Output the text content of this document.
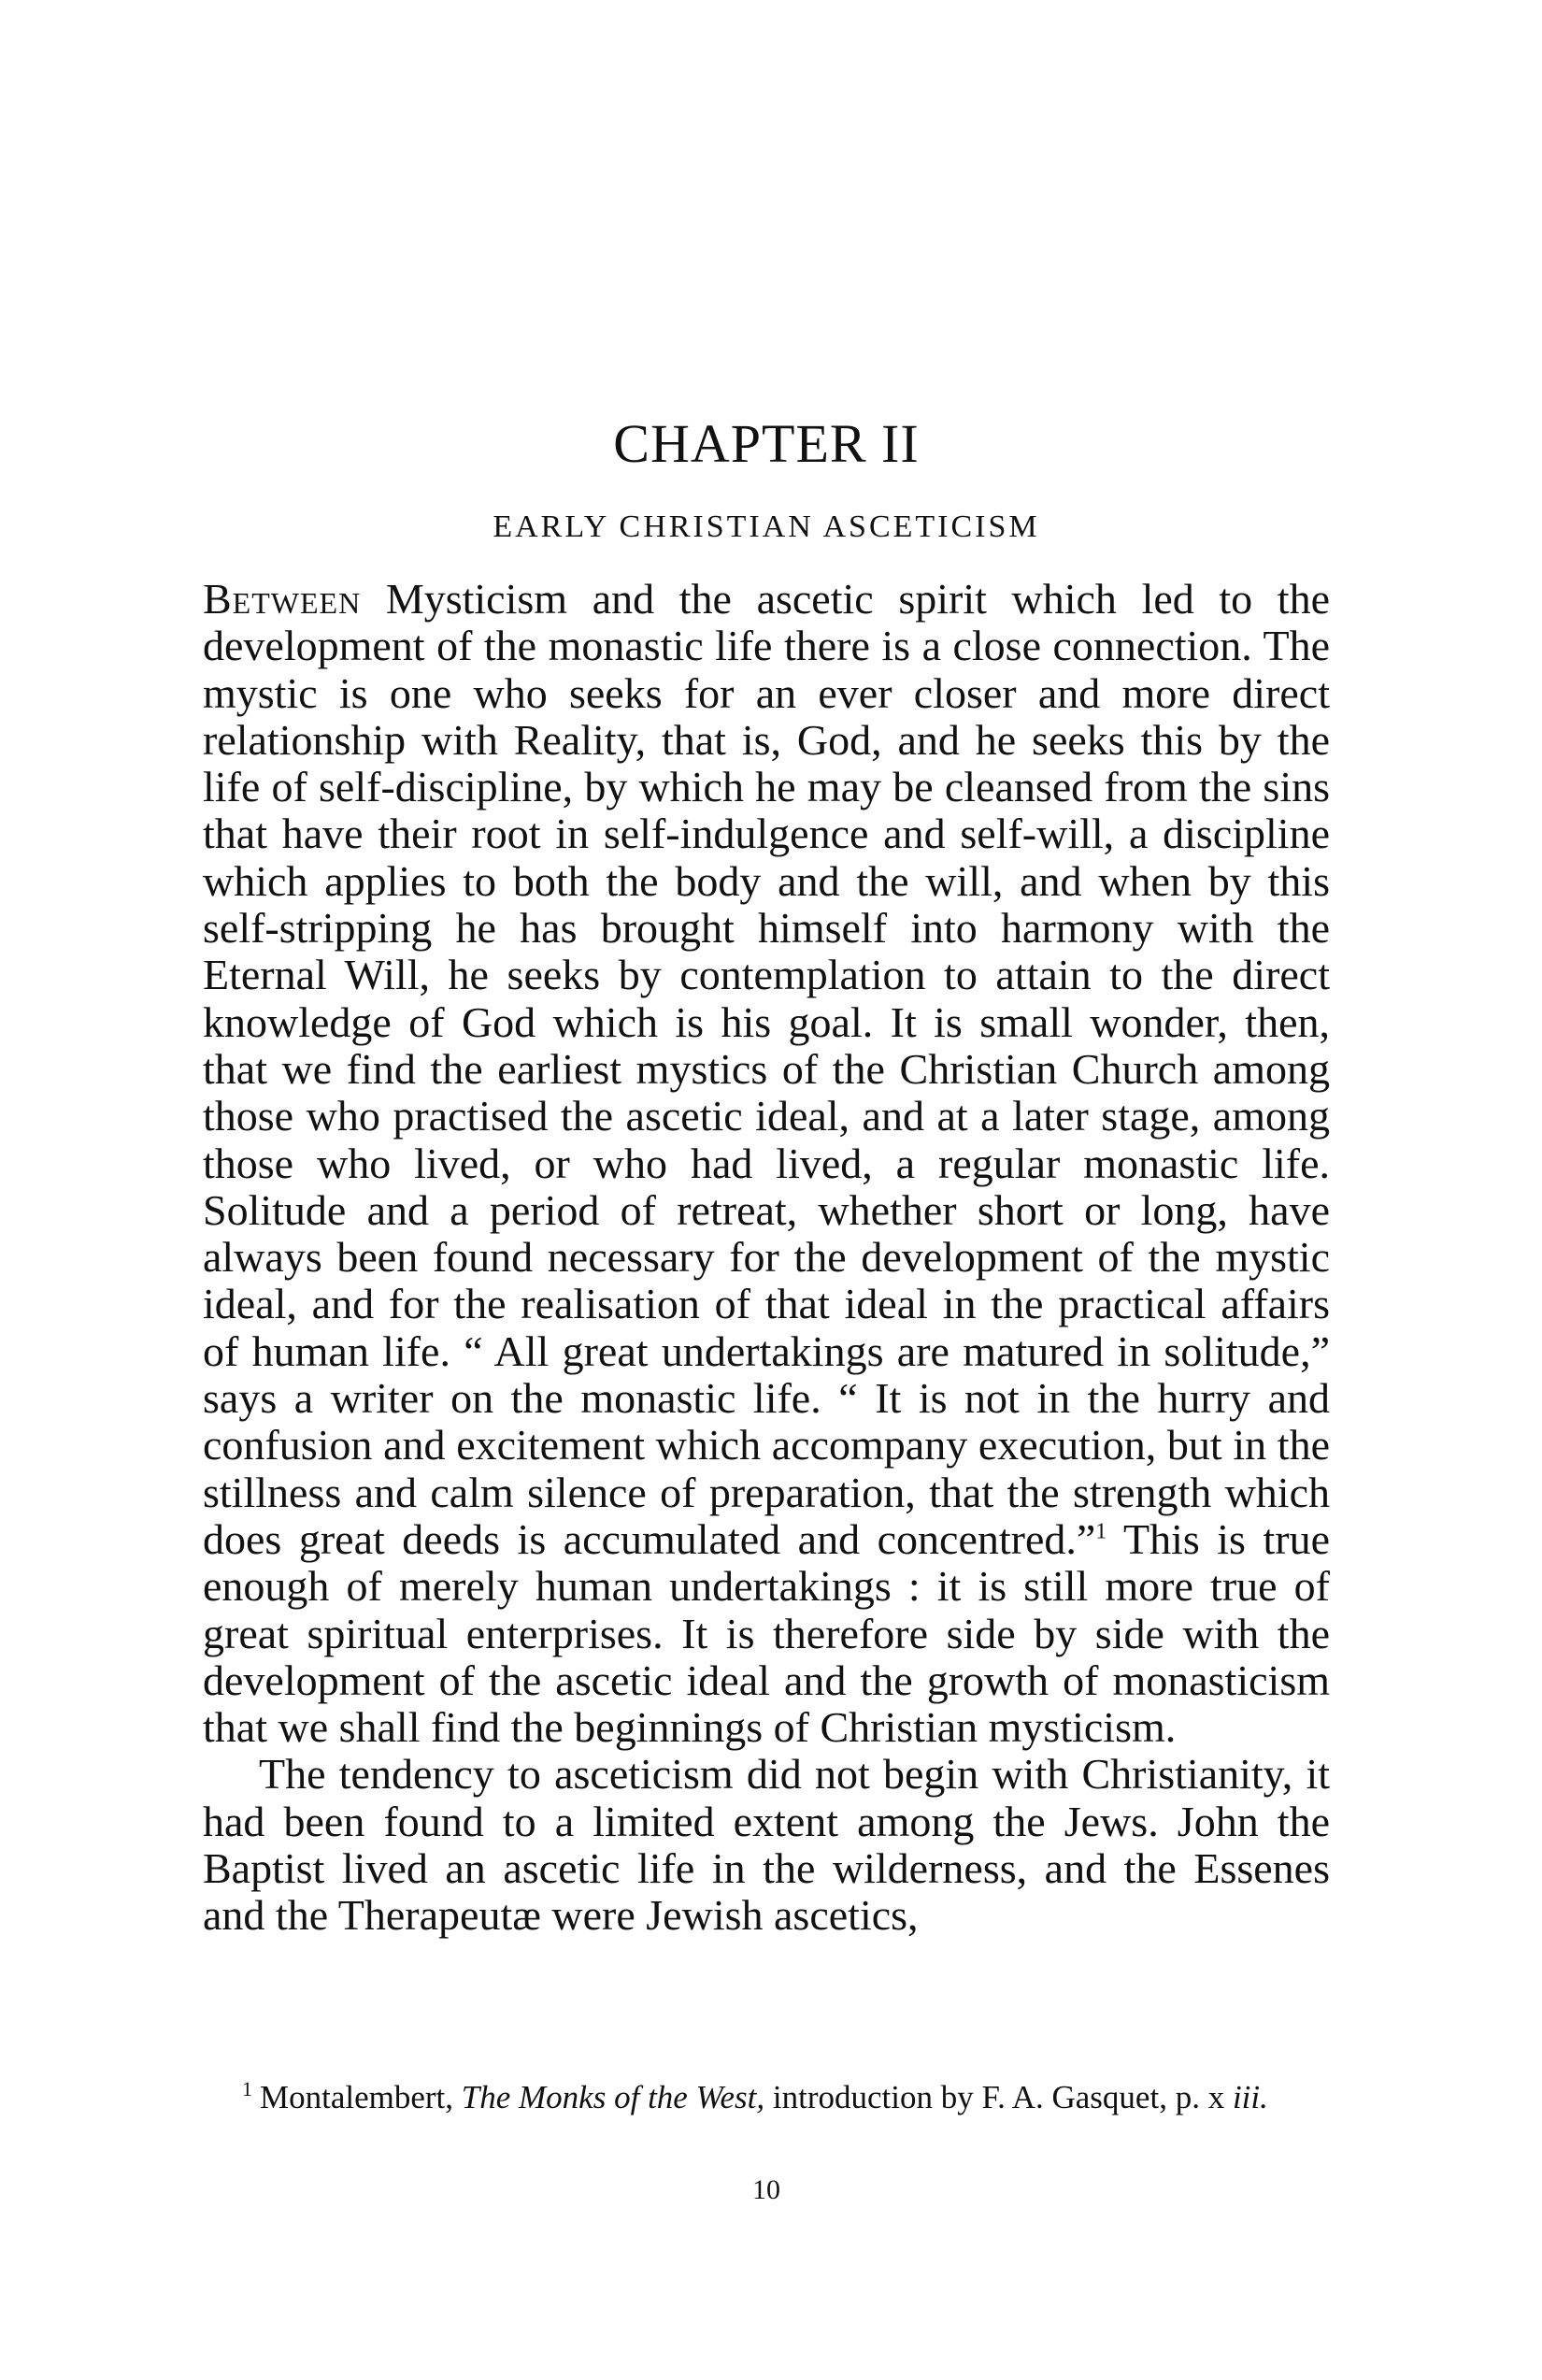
CHAPTER II
EARLY CHRISTIAN ASCETICISM

Between Mysticism and the ascetic spirit which led to the development of the monastic life there is a close connection. The mystic is one who seeks for an ever closer and more direct relationship with Reality, that is, God, and he seeks this by the life of self-discipline, by which he may be cleansed from the sins that have their root in self-indulgence and self-will, a discipline which applies to both the body and the will, and when by this self-stripping he has brought himself into harmony with the Eternal Will, he seeks by contemplation to attain to the direct knowledge of God which is his goal. It is small wonder, then, that we find the earliest mystics of the Christian Church among those who practised the ascetic ideal, and at a later stage, among those who lived, or who had lived, a regular monastic life. Solitude and a period of retreat, whether short or long, have always been found necessary for the development of the mystic ideal, and for the realisation of that ideal in the practical affairs of human life. “ All great undertakings are matured in solitude,” says a writer on the monastic life. “ It is not in the hurry and confusion and excitement which accompany execution, but in the stillness and calm silence of preparation, that the strength which does great deeds is accumulated and concentred.”$^1$ This is true enough of merely human undertakings : it is still more true of great spiritual enterprises. It is therefore side by side with the development of the ascetic ideal and the growth of monasticism that we shall find the beginnings of Christian mysticism.

The tendency to asceticism did not begin with Christianity, it had been found to a limited extent among the Jews. John the Baptist lived an ascetic life in the wilderness, and the Essenes and the Therapeutæ were Jewish ascetics,

$^1$ Montalembert, The Monks of the West, introduction by F. A. Gasquet, p. x iii.

10
